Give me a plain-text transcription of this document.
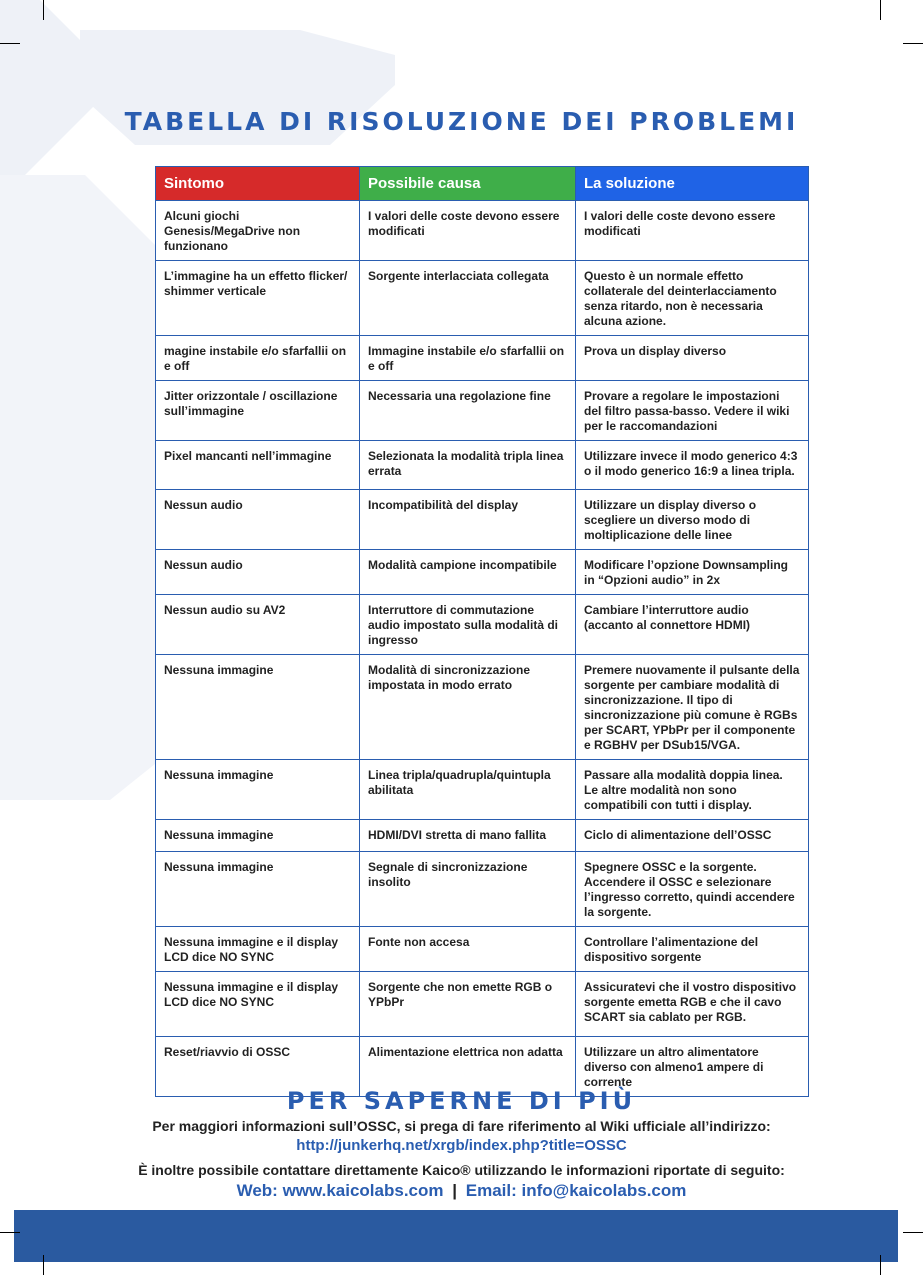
TABELLA DI RISOLUZIONE DEI PROBLEMI
Sintomo	Possibile causa	La soluzione
Alcuni giochi Genesis/MegaDrive non funzionano	I valori delle coste devono essere modificati	I valori delle coste devono essere modificati
L’immagine ha un effetto flicker/ shimmer verticale	Sorgente interlacciata collegata	Questo è un normale effetto collaterale del deinterlacciamento senza ritardo, non è necessaria alcuna azione.
magine instabile e/o sfarfallii on e off	Immagine instabile e/o sfarfallii on e off	Prova un display diverso
Jitter orizzontale / oscillazione sull’immagine	Necessaria una regolazione fine	Provare a regolare le impostazioni del filtro passa-basso. Vedere il wiki per le raccomandazioni
Pixel mancanti nell’immagine	Selezionata la modalità tripla linea errata	Utilizzare invece il modo generico 4:3 o il modo generico 16:9 a linea tripla.
Nessun audio	Incompatibilità del display	Utilizzare un display diverso o scegliere un diverso modo di moltiplicazione delle linee
Nessun audio	Modalità campione incompatibile	Modificare l’opzione Downsampling in “Opzioni audio” in 2x
Nessun audio su AV2	Interruttore di commutazione audio impostato sulla modalità di ingresso	Cambiare l’interruttore audio (accanto al connettore HDMI)
Nessuna immagine	Modalità di sincronizzazione impostata in modo errato	Premere nuovamente il pulsante della sorgente per cambiare modalità di sincronizzazione. Il tipo di sincronizzazione più comune è RGBs per SCART, YPbPr per il componente e RGBHV per DSub15/VGA.
Nessuna immagine	Linea tripla/quadrupla/quintupla abilitata	Passare alla modalità doppia linea. Le altre modalità non sono compatibili con tutti i display.
Nessuna immagine	HDMI/DVI stretta di mano fallita	Ciclo di alimentazione dell’OSSC
Nessuna immagine	Segnale di sincronizzazione insolito	Spegnere OSSC e la sorgente. Accendere il OSSC e selezionare l’ingresso corretto, quindi accendere la sorgente.
Nessuna immagine e il display LCD dice NO SYNC	Fonte non accesa	Controllare l’alimentazione del dispositivo sorgente
Nessuna immagine e il display LCD dice NO SYNC	Sorgente che non emette RGB o YPbPr	Assicuratevi che il vostro dispositivo sorgente emetta RGB e che il cavo SCART sia cablato per RGB.
Reset/riavvio di OSSC	Alimentazione elettrica non adatta	Utilizzare un altro alimentatore diverso con almeno1 ampere di corrente
PER SAPERNE DI PIÙ
Per maggiori informazioni sull’OSSC, si prega di fare riferimento al Wiki ufficiale all’indirizzo:
http://junkerhq.net/xrgb/index.php?title=OSSC
È inoltre possibile contattare direttamente Kaico® utilizzando le informazioni riportate di seguito:
Web: www.kaicolabs.com | Email: info@kaicolabs.com
